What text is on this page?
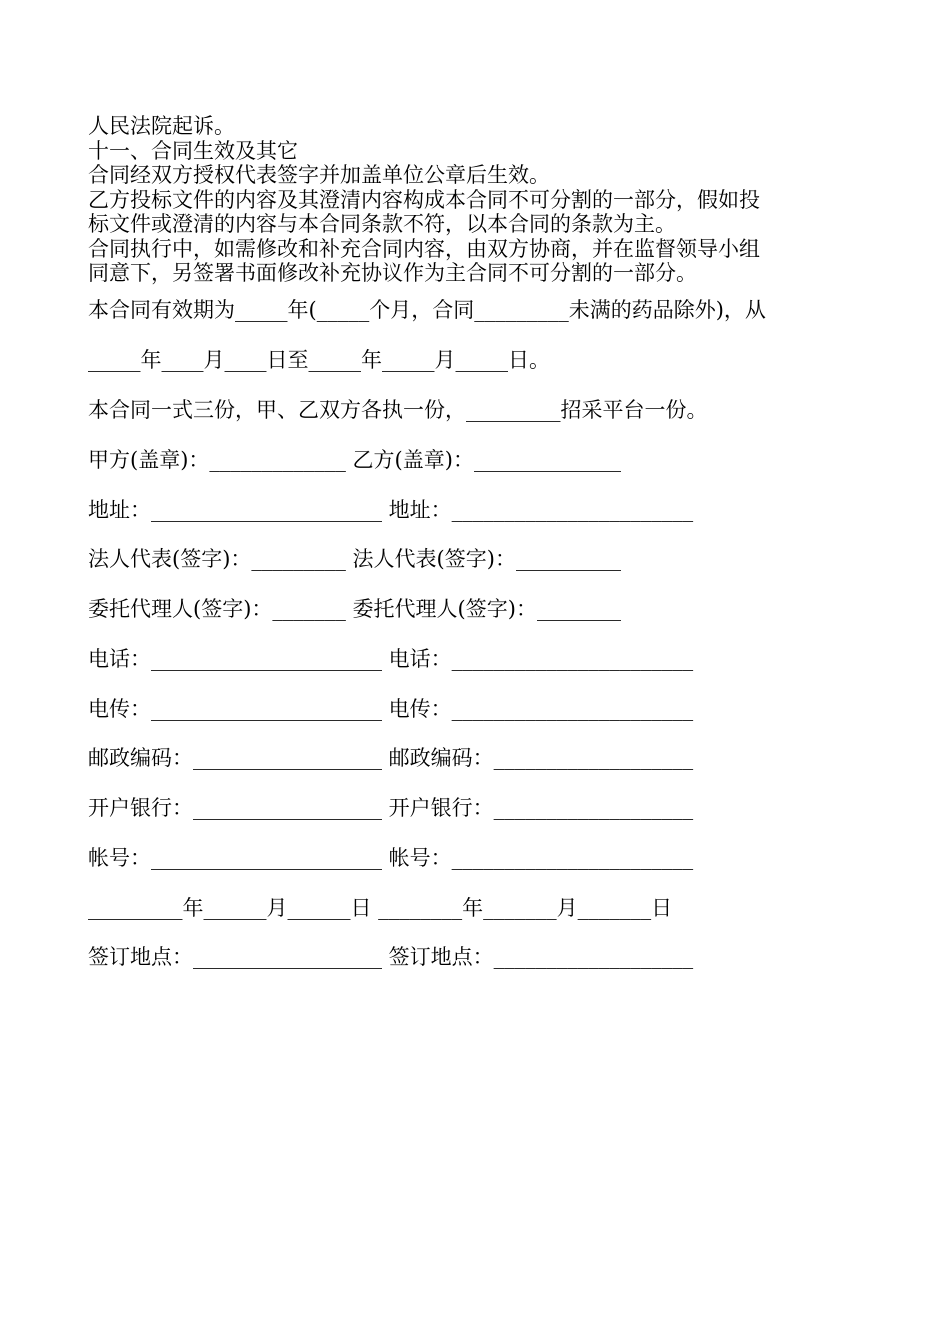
人民法院起诉。
十一、合同生效及其它
合同经双方授权代表签字并加盖单位公章后生效。
乙方投标文件的内容及其澄清内容构成本合同不可分割的一部分，假如投
标文件或澄清的内容与本合同条款不符，以本合同的条款为主。
合同执行中，如需修改和补充合同内容，由双方协商，并在监督领导小组
同意下，另签署书面修改补充协议作为主合同不可分割的一部分。
本合同有效期为_____年(_____个月，合同_________未满的药品除外)，从
_____年____月____日至_____年_____月_____日。
本合同一式三份，甲、乙双方各执一份，_________招采平台一份。
甲方(盖章)：_____________ 乙方(盖章)：______________
地址：______________________ 地址：_______________________
法人代表(签字)：_________ 法人代表(签字)：__________
委托代理人(签字)：_______ 委托代理人(签字)：________
电话：______________________ 电话：_______________________
电传：______________________ 电传：_______________________
邮政编码：__________________ 邮政编码：___________________
开户银行：__________________ 开户银行：___________________
帐号：______________________ 帐号：_______________________
_________年______月______日 ________年_______月_______日
签订地点：__________________ 签订地点：___________________
